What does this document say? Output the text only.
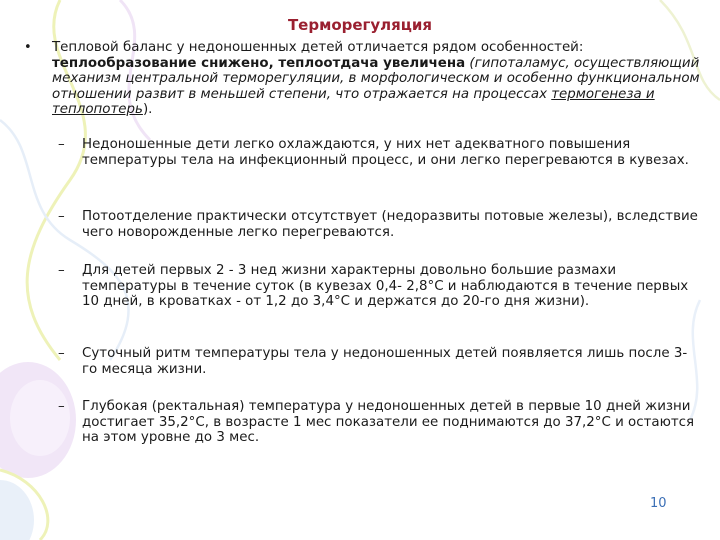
Терморегуляция
• Тепловой баланс у недоношенных детей отличается рядом особенностей: теплообразование снижено, теплоотдача увеличена (гипоталамус, осуществляющий механизм центральной терморегуляции, в морфологическом и особенно функциональном отношении развит в меньшей степени, что отражается на процессах термогенеза и теплопотерь).
– Недоношенные дети легко охлаждаются, у них нет адекватного повышения температуры тела на инфекционный процесс, и они легко перегреваются в кувезах.
– Потоотделение практически отсутствует (недоразвиты потовые железы), вследствие чего новорожденные легко перегреваются.
– Для детей первых 2 - 3 нед жизни характерны довольно большие размахи температуры в течение суток (в кувезах 0,4- 2,8°С и наблюдаются в течение первых 10 дней, в кроватках - от 1,2 до 3,4°С и держатся до 20-го дня жизни).
– Суточный ритм температуры тела у недоношенных детей появляется лишь после 3-го месяца жизни.
– Глубокая (ректальная) температура у недоношенных детей в первые 10 дней жизни достигает 35,2°С, в возрасте 1 мес показатели ее поднимаются до 37,2°С и остаются на этом уровне до 3 мес.
10
